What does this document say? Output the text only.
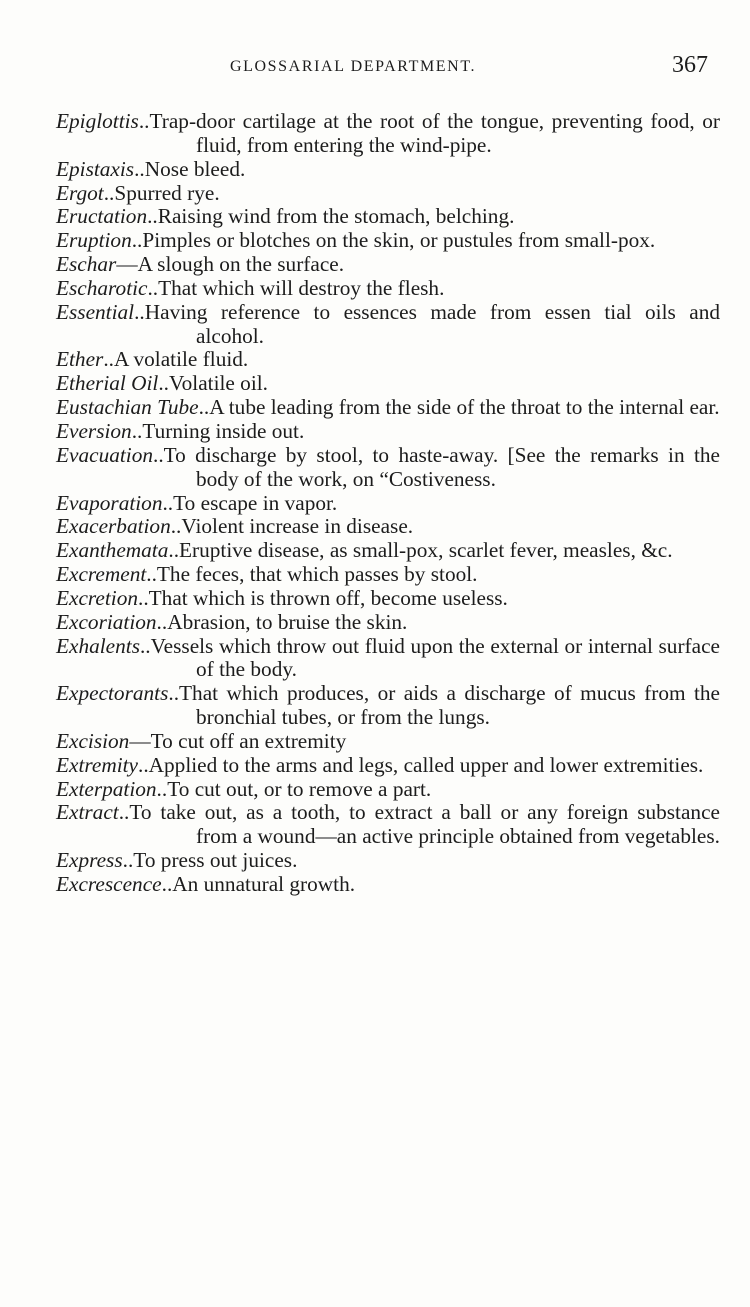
GLOSSARIAL DEPARTMENT.	367

Epiglottis..Trap-door cartilage at the root of the tongue, preventing food, or fluid, from entering the wind-pipe.

Epistaxis..Nose bleed.

Ergot..Spurred rye.

Eructation..Raising wind from the stomach, belching.

Eruption..Pimples or blotches on the skin, or pustules from small-pox.

Eschar—A slough on the surface.

Escharotic..That which will destroy the flesh.

Essential..Having reference to essences made from essen tial oils and alcohol.

Ether..A volatile fluid.

Etherial Oil..Volatile oil.

Eustachian Tube..A tube leading from the side of the throat to the internal ear.

Eversion..Turning inside out.

Evacuation..To discharge by stool, to haste-away. [See the remarks in the body of the work, on “Costiveness.

Evaporation..To escape in vapor.

Exacerbation..Violent increase in disease.

Exanthemata..Eruptive disease, as small-pox, scarlet fever, measles, &c.

Excrement..The feces, that which passes by stool.

Excretion..That which is thrown off, become useless.

Excoriation..Abrasion, to bruise the skin.

Exhalents..Vessels which throw out fluid upon the external or internal surface of the body.

Expectorants..That which produces, or aids a discharge of mucus from the bronchial tubes, or from the lungs.

Excision—To cut off an extremity

Extremity..Applied to the arms and legs, called upper and lower extremities.

Exterpation..To cut out, or to remove a part.

Extract..To take out, as a tooth, to extract a ball or any foreign substance from a wound—an active principle obtained from vegetables.

Express..To press out juices.

Excrescence..An unnatural growth.
